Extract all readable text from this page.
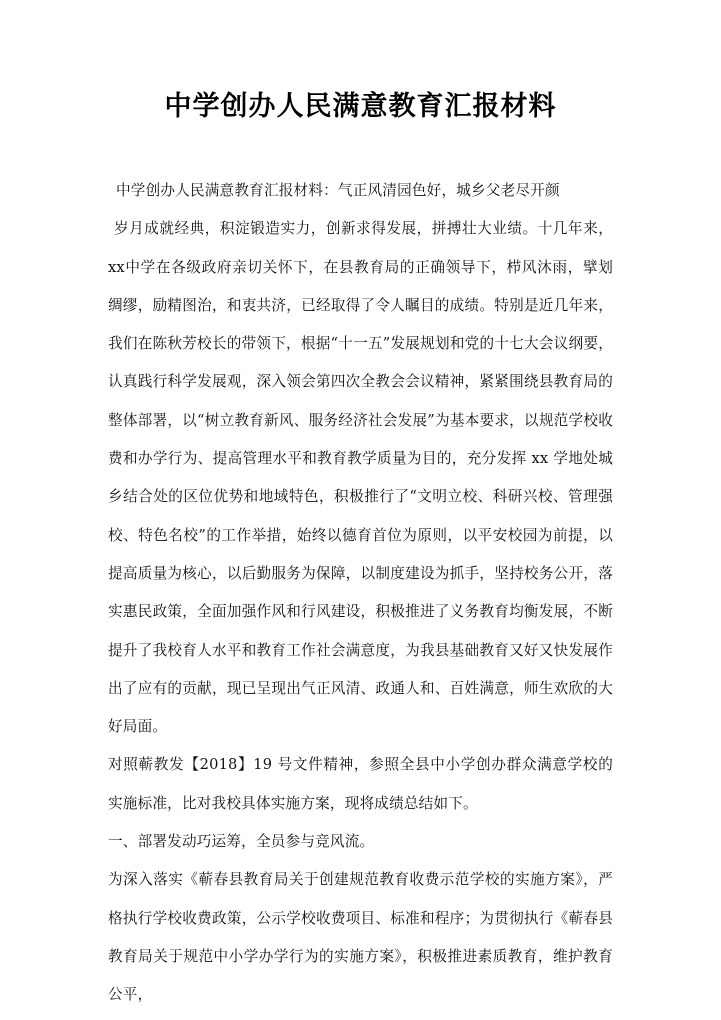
中学创办人民满意教育汇报材料

中学创办人民满意教育汇报材料：气正风清园色好，城乡父老尽开颜

岁月成就经典，积淀锻造实力，创新求得发展，拼搏壮大业绩。十几年来，xx中学在各级政府亲切关怀下，在县教育局的正确领导下，栉风沐雨，擘划绸缪，励精图治，和衷共济，已经取得了令人瞩目的成绩。特别是近几年来，我们在陈秋芳校长的带领下，根据“十一五”发展规划和党的十七大会议纲要，认真践行科学发展观，深入领会第四次全教会会议精神，紧紧围绕县教育局的整体部署，以“树立教育新风、服务经济社会发展”为基本要求，以规范学校收费和办学行为、提高管理水平和教育教学质量为目的，充分发挥 xx 学地处城乡结合处的区位优势和地域特色，积极推行了“文明立校、科研兴校、管理强校、特色名校”的工作举措，始终以德育首位为原则，以平安校园为前提，以提高质量为核心，以后勤服务为保障，以制度建设为抓手，坚持校务公开，落实惠民政策，全面加强作风和行风建设，积极推进了义务教育均衡发展，不断提升了我校育人水平和教育工作社会满意度，为我县基础教育又好又快发展作出了应有的贡献，现已呈现出气正风清、政通人和、百姓满意，师生欢欣的大好局面。

对照蕲教发【2018】19 号文件精神，参照全县中小学创办群众满意学校的实施标准，比对我校具体实施方案，现将成绩总结如下。

一、部署发动巧运筹，全员参与竞风流。

为深入落实《蕲春县教育局关于创建规范教育收费示范学校的实施方案》，严格执行学校收费政策，公示学校收费项目、标准和程序；为贯彻执行《蕲春县教育局关于规范中小学办学行为的实施方案》，积极推进素质教育，维护教育公平，
